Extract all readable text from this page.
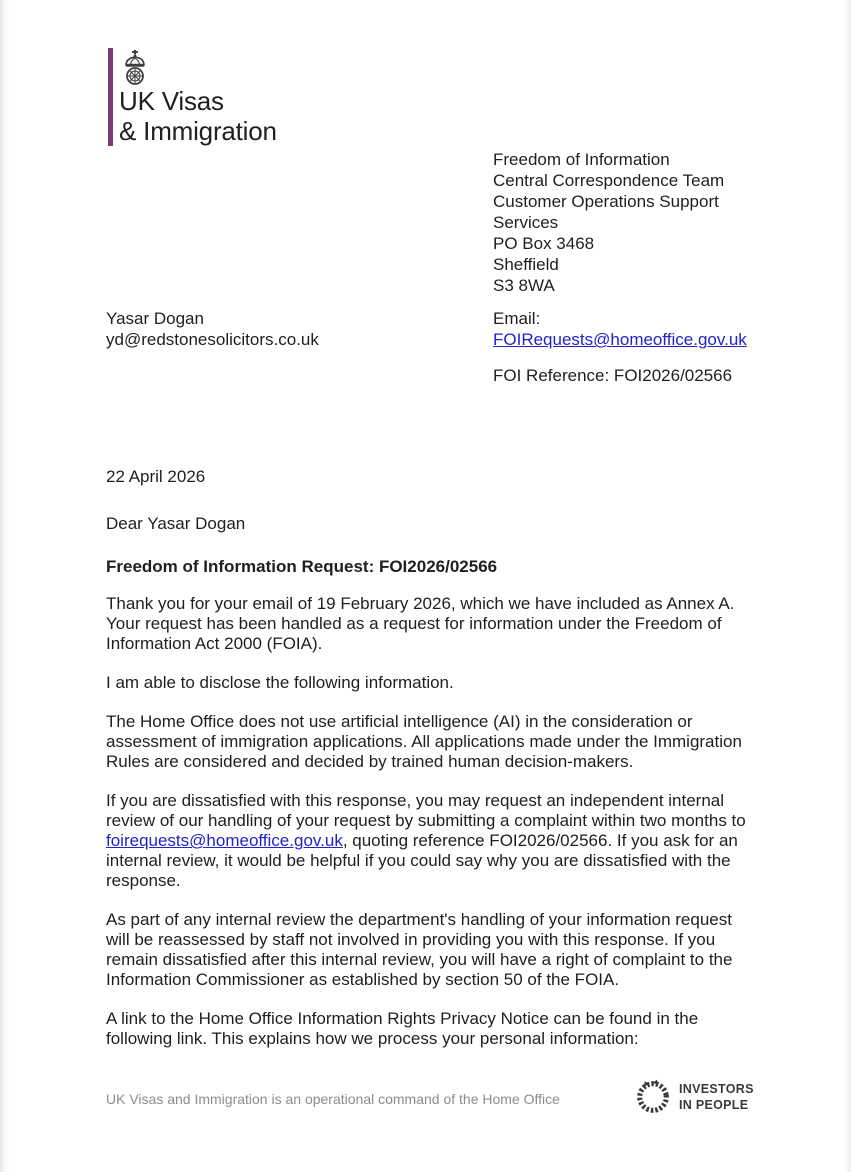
UK Visas
& Immigration
Freedom of Information
Central Correspondence Team
Customer Operations Support
Services
PO Box 3468
Sheffield
S3 8WA
Yasar Dogan
yd@redstonesolicitors.co.uk
Email:
FOIRequests@homeoffice.gov.uk
FOI Reference: FOI2026/02566
22 April 2026
Dear Yasar Dogan
Freedom of Information Request: FOI2026/02566

Thank you for your email of 19 February 2026, which we have included as Annex A. Your request has been handled as a request for information under the Freedom of Information Act 2000 (FOIA).

I am able to disclose the following information.

The Home Office does not use artificial intelligence (AI) in the consideration or assessment of immigration applications. All applications made under the Immigration Rules are considered and decided by trained human decision-makers.

If you are dissatisfied with this response, you may request an independent internal review of our handling of your request by submitting a complaint within two months to foirequests@homeoffice.gov.uk, quoting reference FOI2026/02566. If you ask for an internal review, it would be helpful if you could say why you are dissatisfied with the response.

As part of any internal review the department's handling of your information request will be reassessed by staff not involved in providing you with this response. If you remain dissatisfied after this internal review, you will have a right of complaint to the Information Commissioner as established by section 50 of the FOIA.

A link to the Home Office Information Rights Privacy Notice can be found in the following link. This explains how we process your personal information:

UK Visas and Immigration is an operational command of the Home Office
INVESTORS
IN PEOPLE
